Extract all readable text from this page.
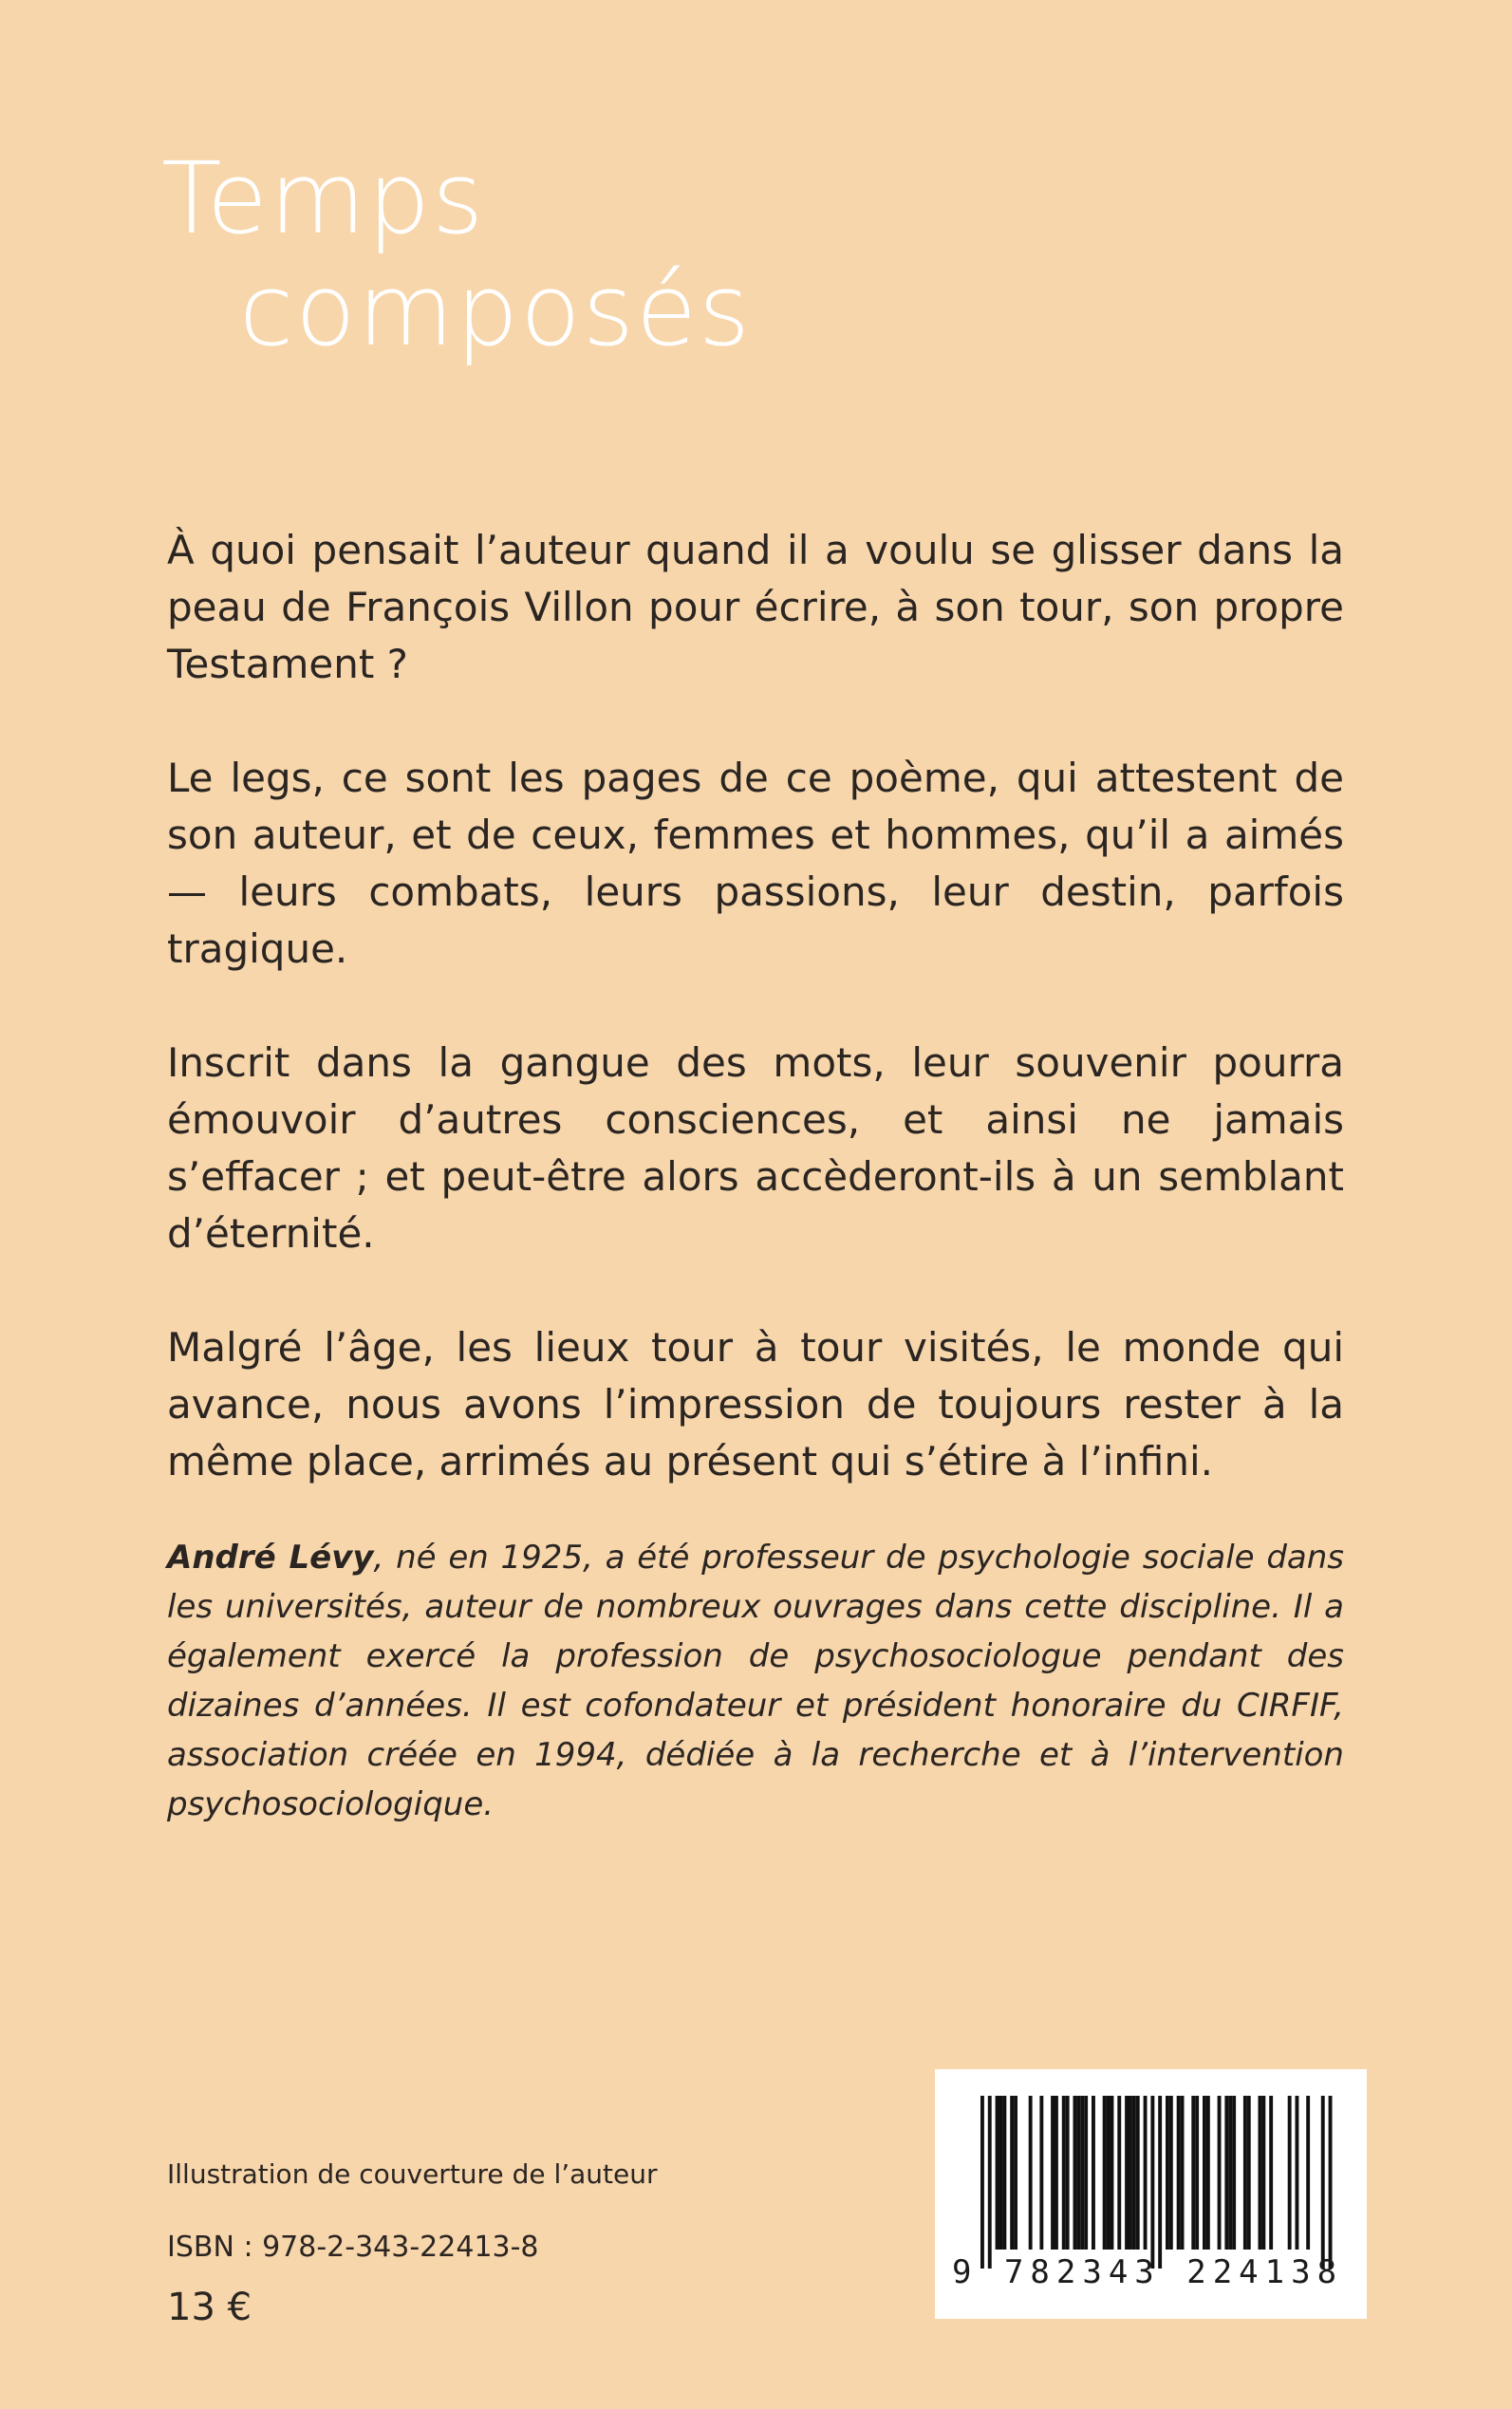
Temps
composés

À quoi pensait l’auteur quand il a voulu se glisser dans la peau de François Villon pour écrire, à son tour, son propre Testament ?

Le legs, ce sont les pages de ce poème, qui attestent de son auteur, et de ceux, femmes et hommes, qu’il a aimés — leurs combats, leurs passions, leur destin, parfois tragique.

Inscrit dans la gangue des mots, leur souvenir pourra émouvoir d’autres consciences, et ainsi ne jamais s’effacer ; et peut-être alors accèderont-ils à un semblant d’éternité.

Malgré l’âge, les lieux tour à tour visités, le monde qui avance, nous avons l’impression de toujours rester à la même place, arrimés au présent qui s’étire à l’infini.

André Lévy, né en 1925, a été professeur de psychologie sociale dans les universités, auteur de nombreux ouvrages dans cette discipline. Il a également exercé la profession de psychosociologue pendant des dizaines d’années. Il est cofondateur et président honoraire du CIRFIF, association créée en 1994, dédiée à la recherche et à l’intervention psychosociologique.

Illustration de couverture de l’auteur

ISBN : 978-2-343-22413-8

13 €

9 782343 224138
